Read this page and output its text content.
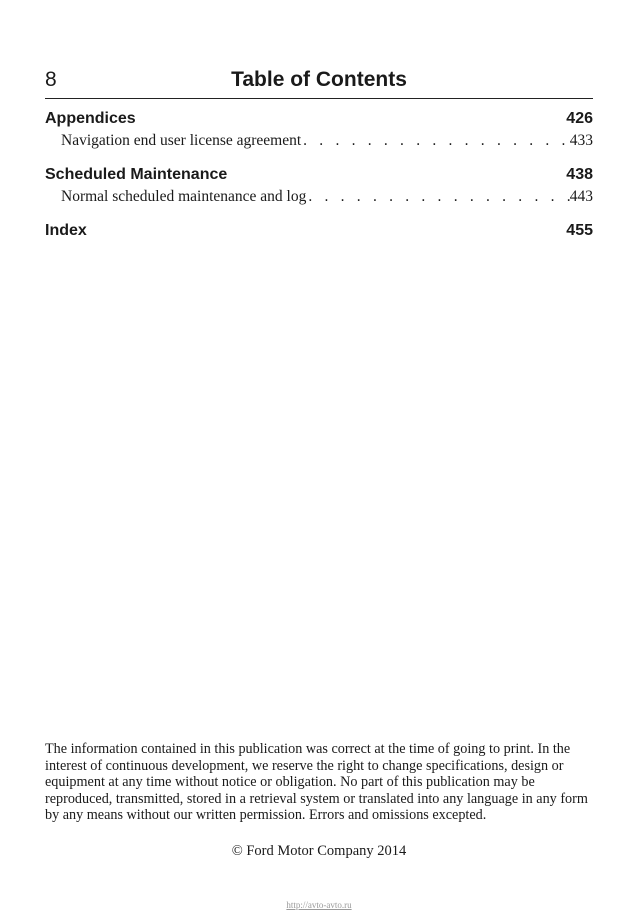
8	Table of Contents
Appendices	426
Navigation end user license agreement . . .	433
Scheduled Maintenance	438
Normal scheduled maintenance and log . . .	443
Index	455
The information contained in this publication was correct at the time of going to print. In the interest of continuous development, we reserve the right to change specifications, design or equipment at any time without notice or obligation. No part of this publication may be reproduced, transmitted, stored in a retrieval system or translated into any language in any form by any means without our written permission. Errors and omissions excepted.
© Ford Motor Company 2014
http://avto-avto.ru
